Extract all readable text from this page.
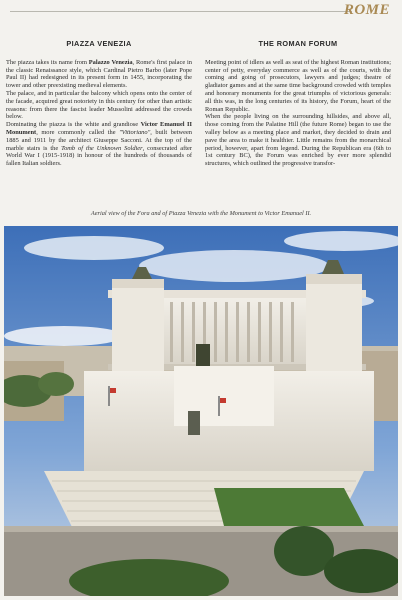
ROME
PIAZZA VENEZIA

The piazza takes its name from Palazzo Venezia, Rome's first palace in the classic Renaissance style, which Cardinal Pietro Barbo (later Pope Paul II) had redesigned in its present form in 1455, incorporating the tower and other preexisting medieval elements.

The palace, and in particular the balcony which opens onto the center of the facade, acquired great notoriety in this century for other than artistic reasons: from there the fascist leader Mussolini addressed the crowds below.

Dominating the piazza is the white and grandiose Victor Emanuel II Monument, more commonly called the "Vittoriano", built between 1885 and 1911 by the architect Giuseppe Sacconi. At the top of the marble stairs is the Tomb of the Unknown Soldier, consecrated after World War I (1915-1918) in honour of the hundreds of thousands of fallen Italian soldiers.

THE ROMAN FORUM

Meeting point of idlers as well as seat of the highest Roman institutions; center of petty, everyday commerce as well as of the courts, with the coming and going of prosecutors, lawyers and judges; theatre of gladiator games and at the same time background crowded with temples and honorary monuments for the great triumphs of victorious generals: all this was, in the long centuries of its history, the Forum, heart of the Roman Republic.

When the people living on the surrounding hillsides, and above all, those coming from the Palatine Hill (the future Rome) began to use the valley below as a meeting place and market, they decided to drain and pave the area to make it healthier. Little remains from the monarchical period, however, apart from legend. During the Republican era (6th to 1st century BC), the Forum was enriched by ever more splendid structures, which outlined the progressive transfor-

Aerial view of the Fora and of Piazza Venezia with the Monument to Victor Emanuel II.
